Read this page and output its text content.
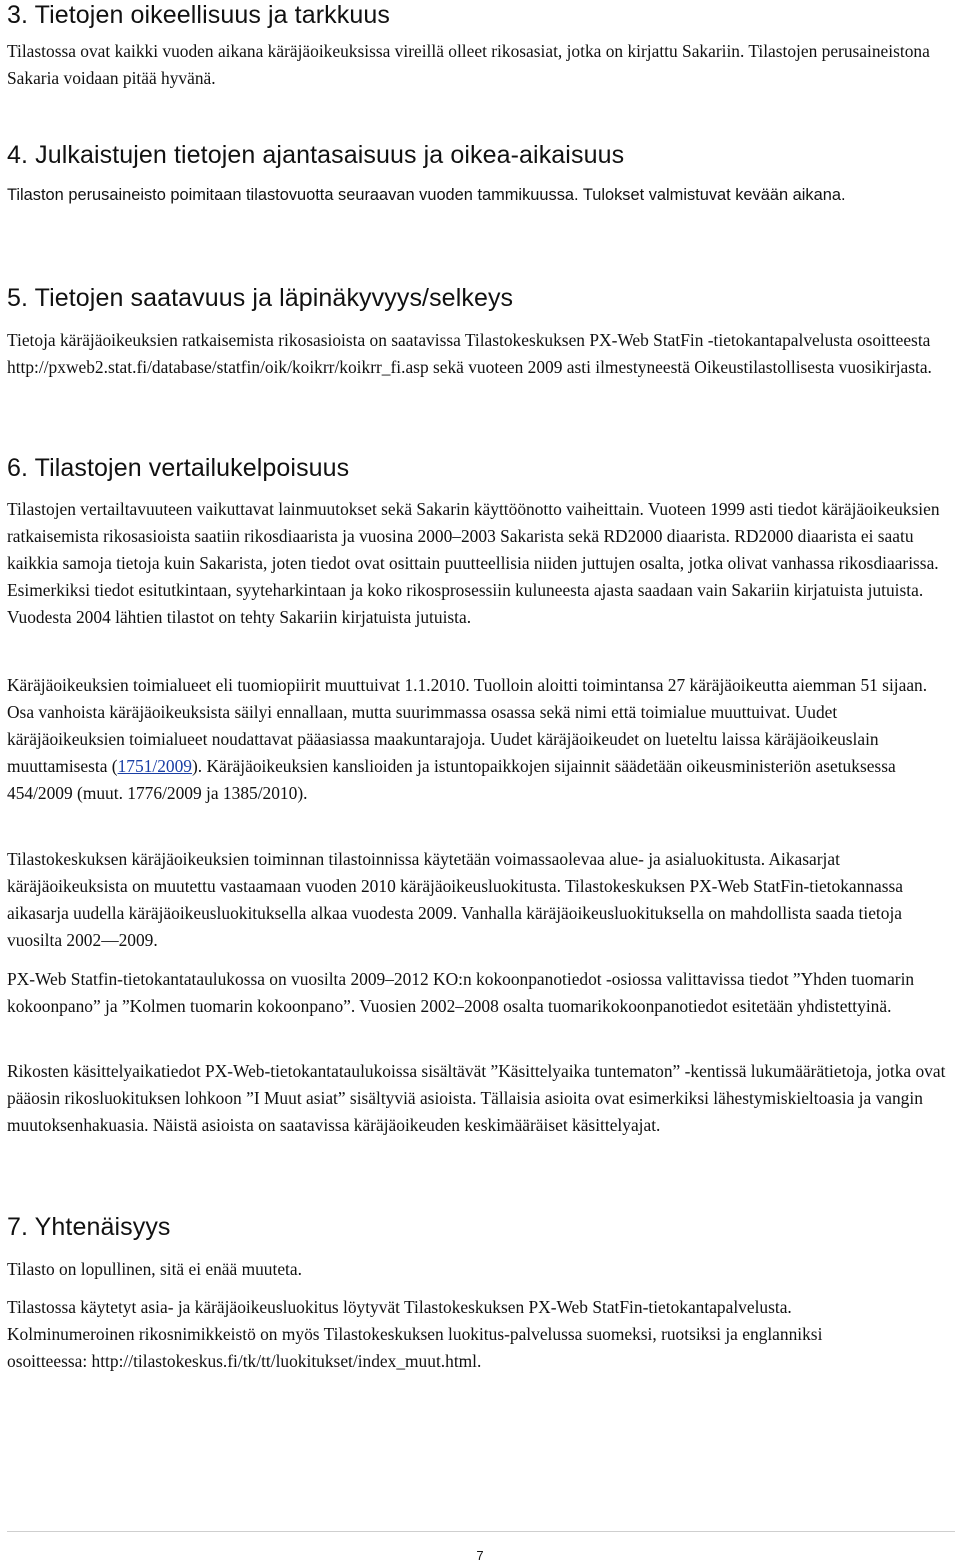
3. Tietojen oikeellisuus ja tarkkuus

Tilastossa ovat kaikki vuoden aikana käräjäoikeuksissa vireillä olleet rikosasiat, jotka on kirjattu Sakariin. Tilastojen perusaineistona Sakaria voidaan pitää hyvänä.

4. Julkaistujen tietojen ajantasaisuus ja oikea-aikaisuus

Tilaston perusaineisto poimitaan tilastovuotta seuraavan vuoden tammikuussa. Tulokset valmistuvat kevään aikana.

5. Tietojen saatavuus ja läpinäkyvyys/selkeys

Tietoja käräjäoikeuksien ratkaisemista rikosasioista on saatavissa Tilastokeskuksen PX-Web StatFin -tietokantapalvelusta osoitteesta http://pxweb2.stat.fi/database/statfin/oik/koikrr/koikrr_fi.asp sekä vuoteen 2009 asti ilmestyneestä Oikeustilastollisesta vuosikirjasta.

6. Tilastojen vertailukelpoisuus

Tilastojen vertailtavuuteen vaikuttavat lainmuutokset sekä Sakarin käyttöönotto vaiheittain. Vuoteen 1999 asti tiedot käräjäoikeuksien ratkaisemista rikosasioista saatiin rikosdiaarista ja vuosina 2000–2003 Sakarista sekä RD2000 diaarista. RD2000 diaarista ei saatu kaikkia samoja tietoja kuin Sakarista, joten tiedot ovat osittain puutteellisia niiden juttujen osalta, jotka olivat vanhassa rikosdiaarissa. Esimerkiksi tiedot esitutkintaan, syyteharkintaan ja koko rikosprosessiin kuluneesta ajasta saadaan vain Sakariin kirjatuista jutuista. Vuodesta 2004 lähtien tilastot on tehty Sakariin kirjatuista jutuista.

Käräjäoikeuksien toimialueet eli tuomiopiirit muuttuivat 1.1.2010. Tuolloin aloitti toimintansa 27 käräjäoikeutta aiemman 51 sijaan. Osa vanhoista käräjäoikeuksista säilyi ennallaan, mutta suurimmassa osassa sekä nimi että toimialue muuttuivat. Uudet käräjäoikeuksien toimialueet noudattavat pääasiassa maakuntarajoja. Uudet käräjäoikeudet on lueteltu laissa käräjäoikeuslain muuttamisesta (1751/2009). Käräjäoikeuksien kanslioiden ja istuntopaikkojen sijainnit säädetään oikeusministeriön asetuksessa 454/2009 (muut. 1776/2009 ja 1385/2010).

Tilastokeskuksen käräjäoikeuksien toiminnan tilastoinnissa käytetään voimassaolevaa alue- ja asialuokitusta. Aikasarjat käräjäoikeuksista on muutettu vastaamaan vuoden 2010 käräjäoikeusluokitusta. Tilastokeskuksen PX-Web StatFin-tietokannassa aikasarja uudella käräjäoikeusluokituksella alkaa vuodesta 2009. Vanhalla käräjäoikeusluokituksella on mahdollista saada tietoja vuosilta 2002—2009.

PX-Web Statfin-tietokantataulukossa on vuosilta 2009–2012 KO:n kokoonpanotiedot -osiossa valittavissa tiedot ”Yhden tuomarin kokoonpano” ja ”Kolmen tuomarin kokoonpano”. Vuosien 2002–2008 osalta tuomarikokoonpanotiedot esitetään yhdistettyinä.

Rikosten käsittelyaikatiedot PX-Web-tietokantataulukoissa sisältävät ”Käsittelyaika tuntematon” -kentissä lukumäärätietoja, jotka ovat pääosin rikosluokituksen lohkoon ”I Muut asiat” sisältyviä asioista. Tällaisia asioita ovat esimerkiksi lähestymiskieltoasia ja vangin muutoksenhakuasia. Näistä asioista on saatavissa käräjäoikeuden keskimääräiset käsittelyajat.

7. Yhtenäisyys

Tilasto on lopullinen, sitä ei enää muuteta.

Tilastossa käytetyt asia- ja käräjäoikeusluokitus löytyvät Tilastokeskuksen PX-Web StatFin-tietokantapalvelusta. Kolminumeroinen rikosnimikkeistö on myös Tilastokeskuksen luokitus-palvelussa suomeksi, ruotsiksi ja englanniksi osoitteessa: http://tilastokeskus.fi/tk/tt/luokitukset/index_muut.html.

7
